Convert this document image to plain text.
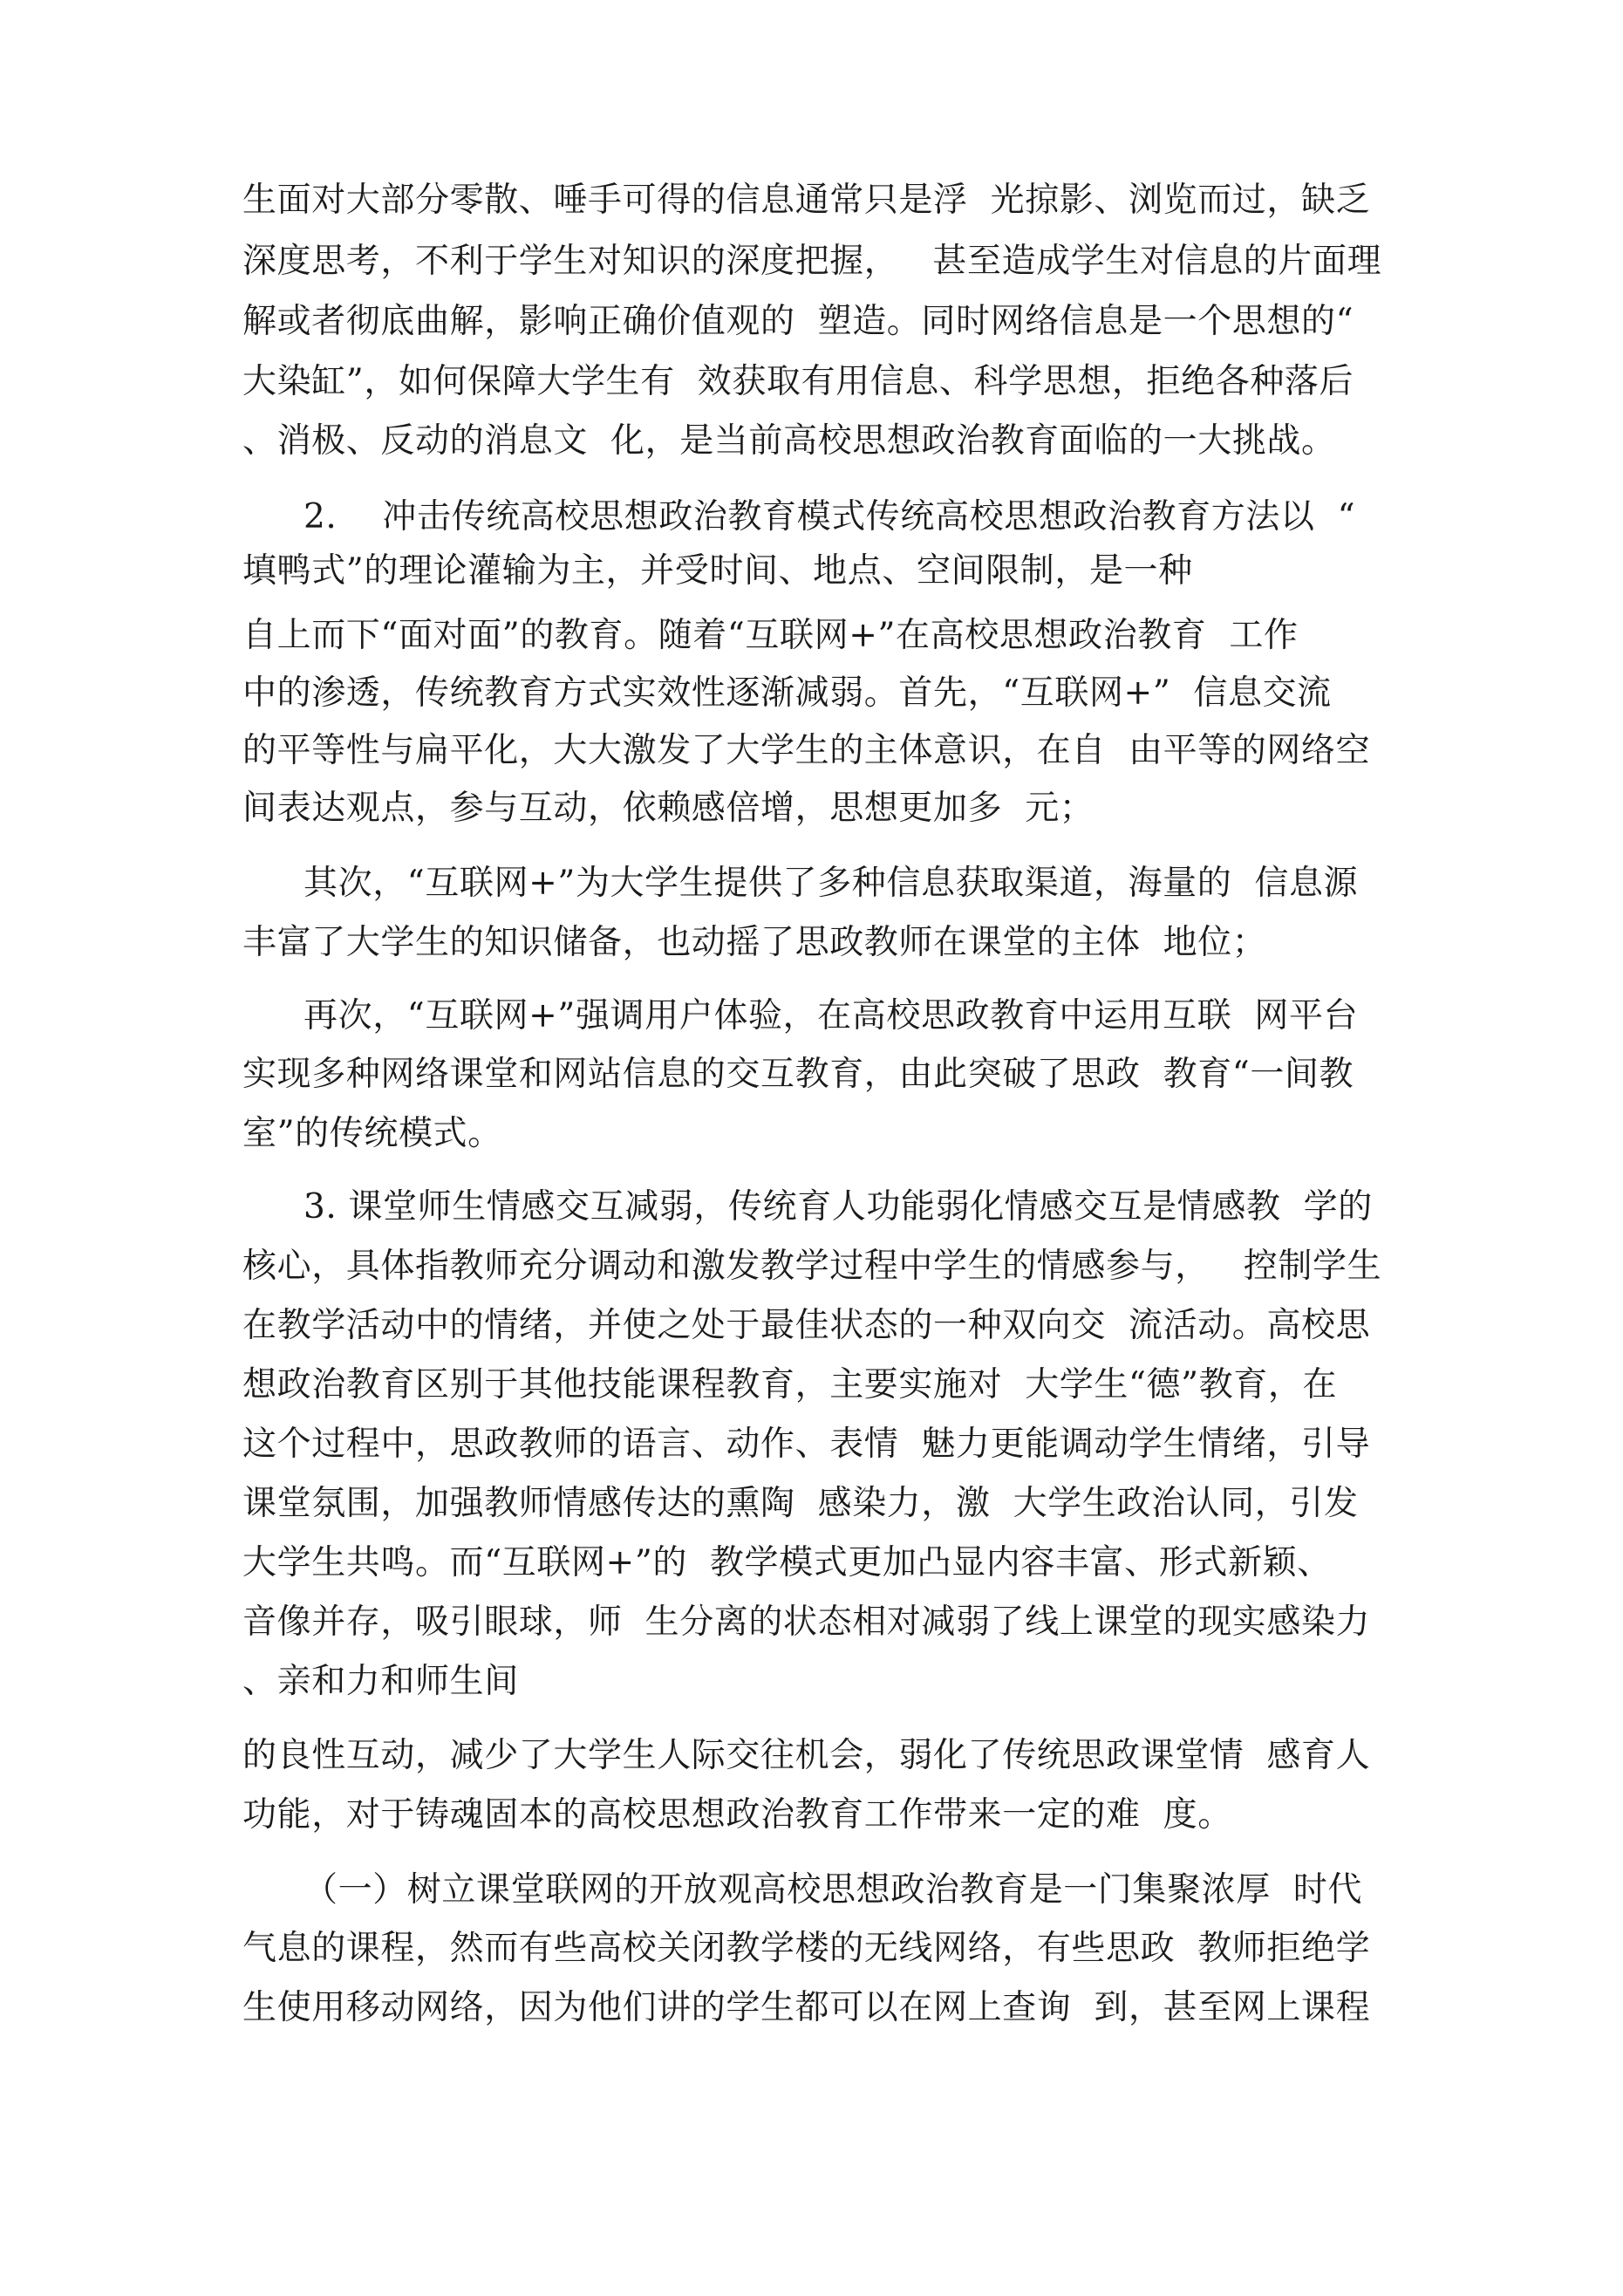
生面对大部分零散、唾手可得的信息通常只是浮  光掠影、浏览而过，缺乏
深度思考，不利于学生对知识的深度把握，   甚至造成学生对信息的片面理
解或者彻底曲解，影响正确价值观的  塑造。同时网络信息是一个思想的“
大染缸”，如何保障大学生有  效获取有用信息、科学思想，拒绝各种落后
、消极、反动的消息文  化，是当前高校思想政治教育面临的一大挑战。
2.    冲击传统高校思想政治教育模式传统高校思想政治教育方法以  “
填鸭式”的理论灌输为主，并受时间、地点、空间限制，是一种
自上而下“面对面”的教育。随着“互联网+”在高校思想政治教育  工作
中的渗透，传统教育方式实效性逐渐减弱。首先，“互联网+”  信息交流
的平等性与扁平化，大大激发了大学生的主体意识，在自  由平等的网络空
间表达观点，参与互动，依赖感倍增，思想更加多  元；
其次，“互联网+”为大学生提供了多种信息获取渠道，海量的  信息源
丰富了大学生的知识储备，也动摇了思政教师在课堂的主体  地位；
再次，“互联网+”强调用户体验，在高校思政教育中运用互联  网平台
实现多种网络课堂和网站信息的交互教育，由此突破了思政  教育“一间教
室”的传统模式。
3. 课堂师生情感交互减弱，传统育人功能弱化情感交互是情感教  学的
核心，具体指教师充分调动和激发教学过程中学生的情感参与，   控制学生
在教学活动中的情绪，并使之处于最佳状态的一种双向交  流活动。高校思
想政治教育区别于其他技能课程教育，主要实施对  大学生“德”教育，在
这个过程中，思政教师的语言、动作、表情  魅力更能调动学生情绪，引导
课堂氛围，加强教师情感传达的熏陶  感染力，激  大学生政治认同，引发
大学生共鸣。而“互联网+”的  教学模式更加凸显内容丰富、形式新颖、
音像并存，吸引眼球，师  生分离的状态相对减弱了线上课堂的现实感染力
、亲和力和师生间
的良性互动，减少了大学生人际交往机会，弱化了传统思政课堂情  感育人
功能，对于铸魂固本的高校思想政治教育工作带来一定的难  度。
（一）树立课堂联网的开放观高校思想政治教育是一门集聚浓厚  时代
气息的课程，然而有些高校关闭教学楼的无线网络，有些思政  教师拒绝学
生使用移动网络，因为他们讲的学生都可以在网上查询  到，甚至网上课程
